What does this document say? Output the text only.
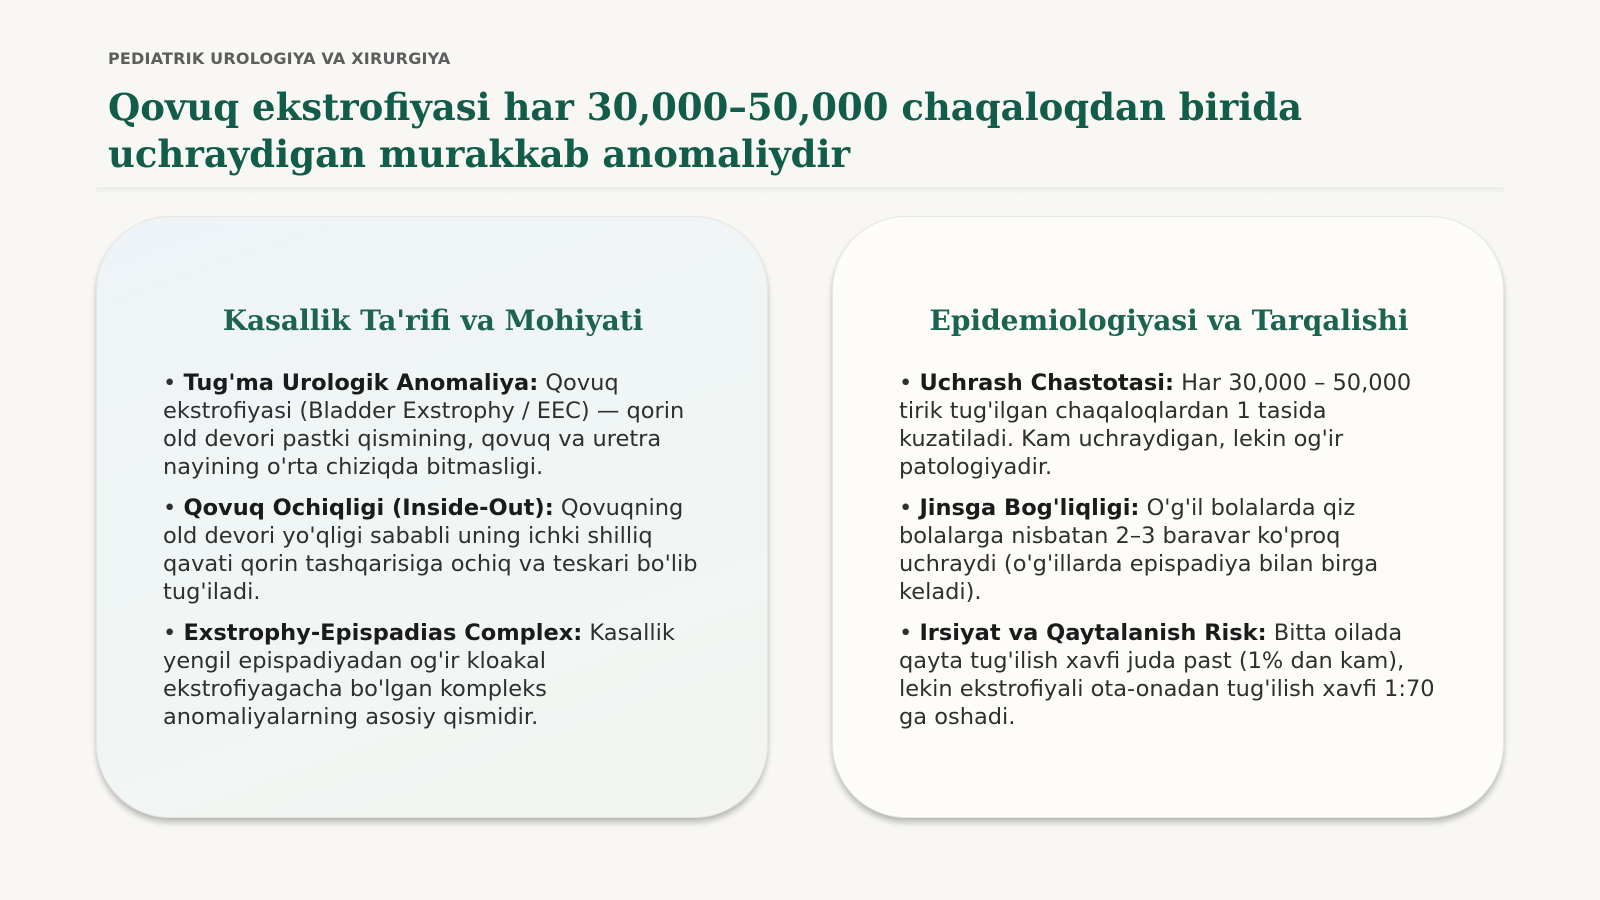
PEDIATRIK UROLOGIYA VA XIRURGIYA
Qovuq ekstrofiyasi har 30,000–50,000 chaqaloqdan birida uchraydigan murakkab anomaliydir
Kasallik Ta'rifi va Mohiyati
• Tug'ma Urologik Anomaliya: Qovuq ekstrofiyasi (Bladder Exstrophy / EEC) — qorin old devori pastki qismining, qovuq va uretra nayining o'rta chiziqda bitmasligi.
• Qovuq Ochiqligi (Inside-Out): Qovuqning old devori yo'qligi sababli uning ichki shilliq qavati qorin tashqarisiga ochiq va teskari bo'lib tug'iladi.
• Exstrophy-Epispadias Complex: Kasallik yengil epispadiyadan og'ir kloakal ekstrofiyagacha bo'lgan kompleks anomaliyalarning asosiy qismidir.
Epidemiologiyasi va Tarqalishi
• Uchrash Chastotasi: Har 30,000 – 50,000 tirik tug'ilgan chaqaloqlardan 1 tasida kuzatiladi. Kam uchraydigan, lekin og'ir patologiyadir.
• Jinsga Bog'liqligi: O'g'il bolalarda qiz bolalarga nisbatan 2–3 baravar ko'proq uchraydi (o'g'illarda epispadiya bilan birga keladi).
• Irsiyat va Qaytalanish Risk: Bitta oilada qayta tug'ilish xavfi juda past (1% dan kam), lekin ekstrofiyali ota-onadan tug'ilish xavfi 1:70 ga oshadi.
